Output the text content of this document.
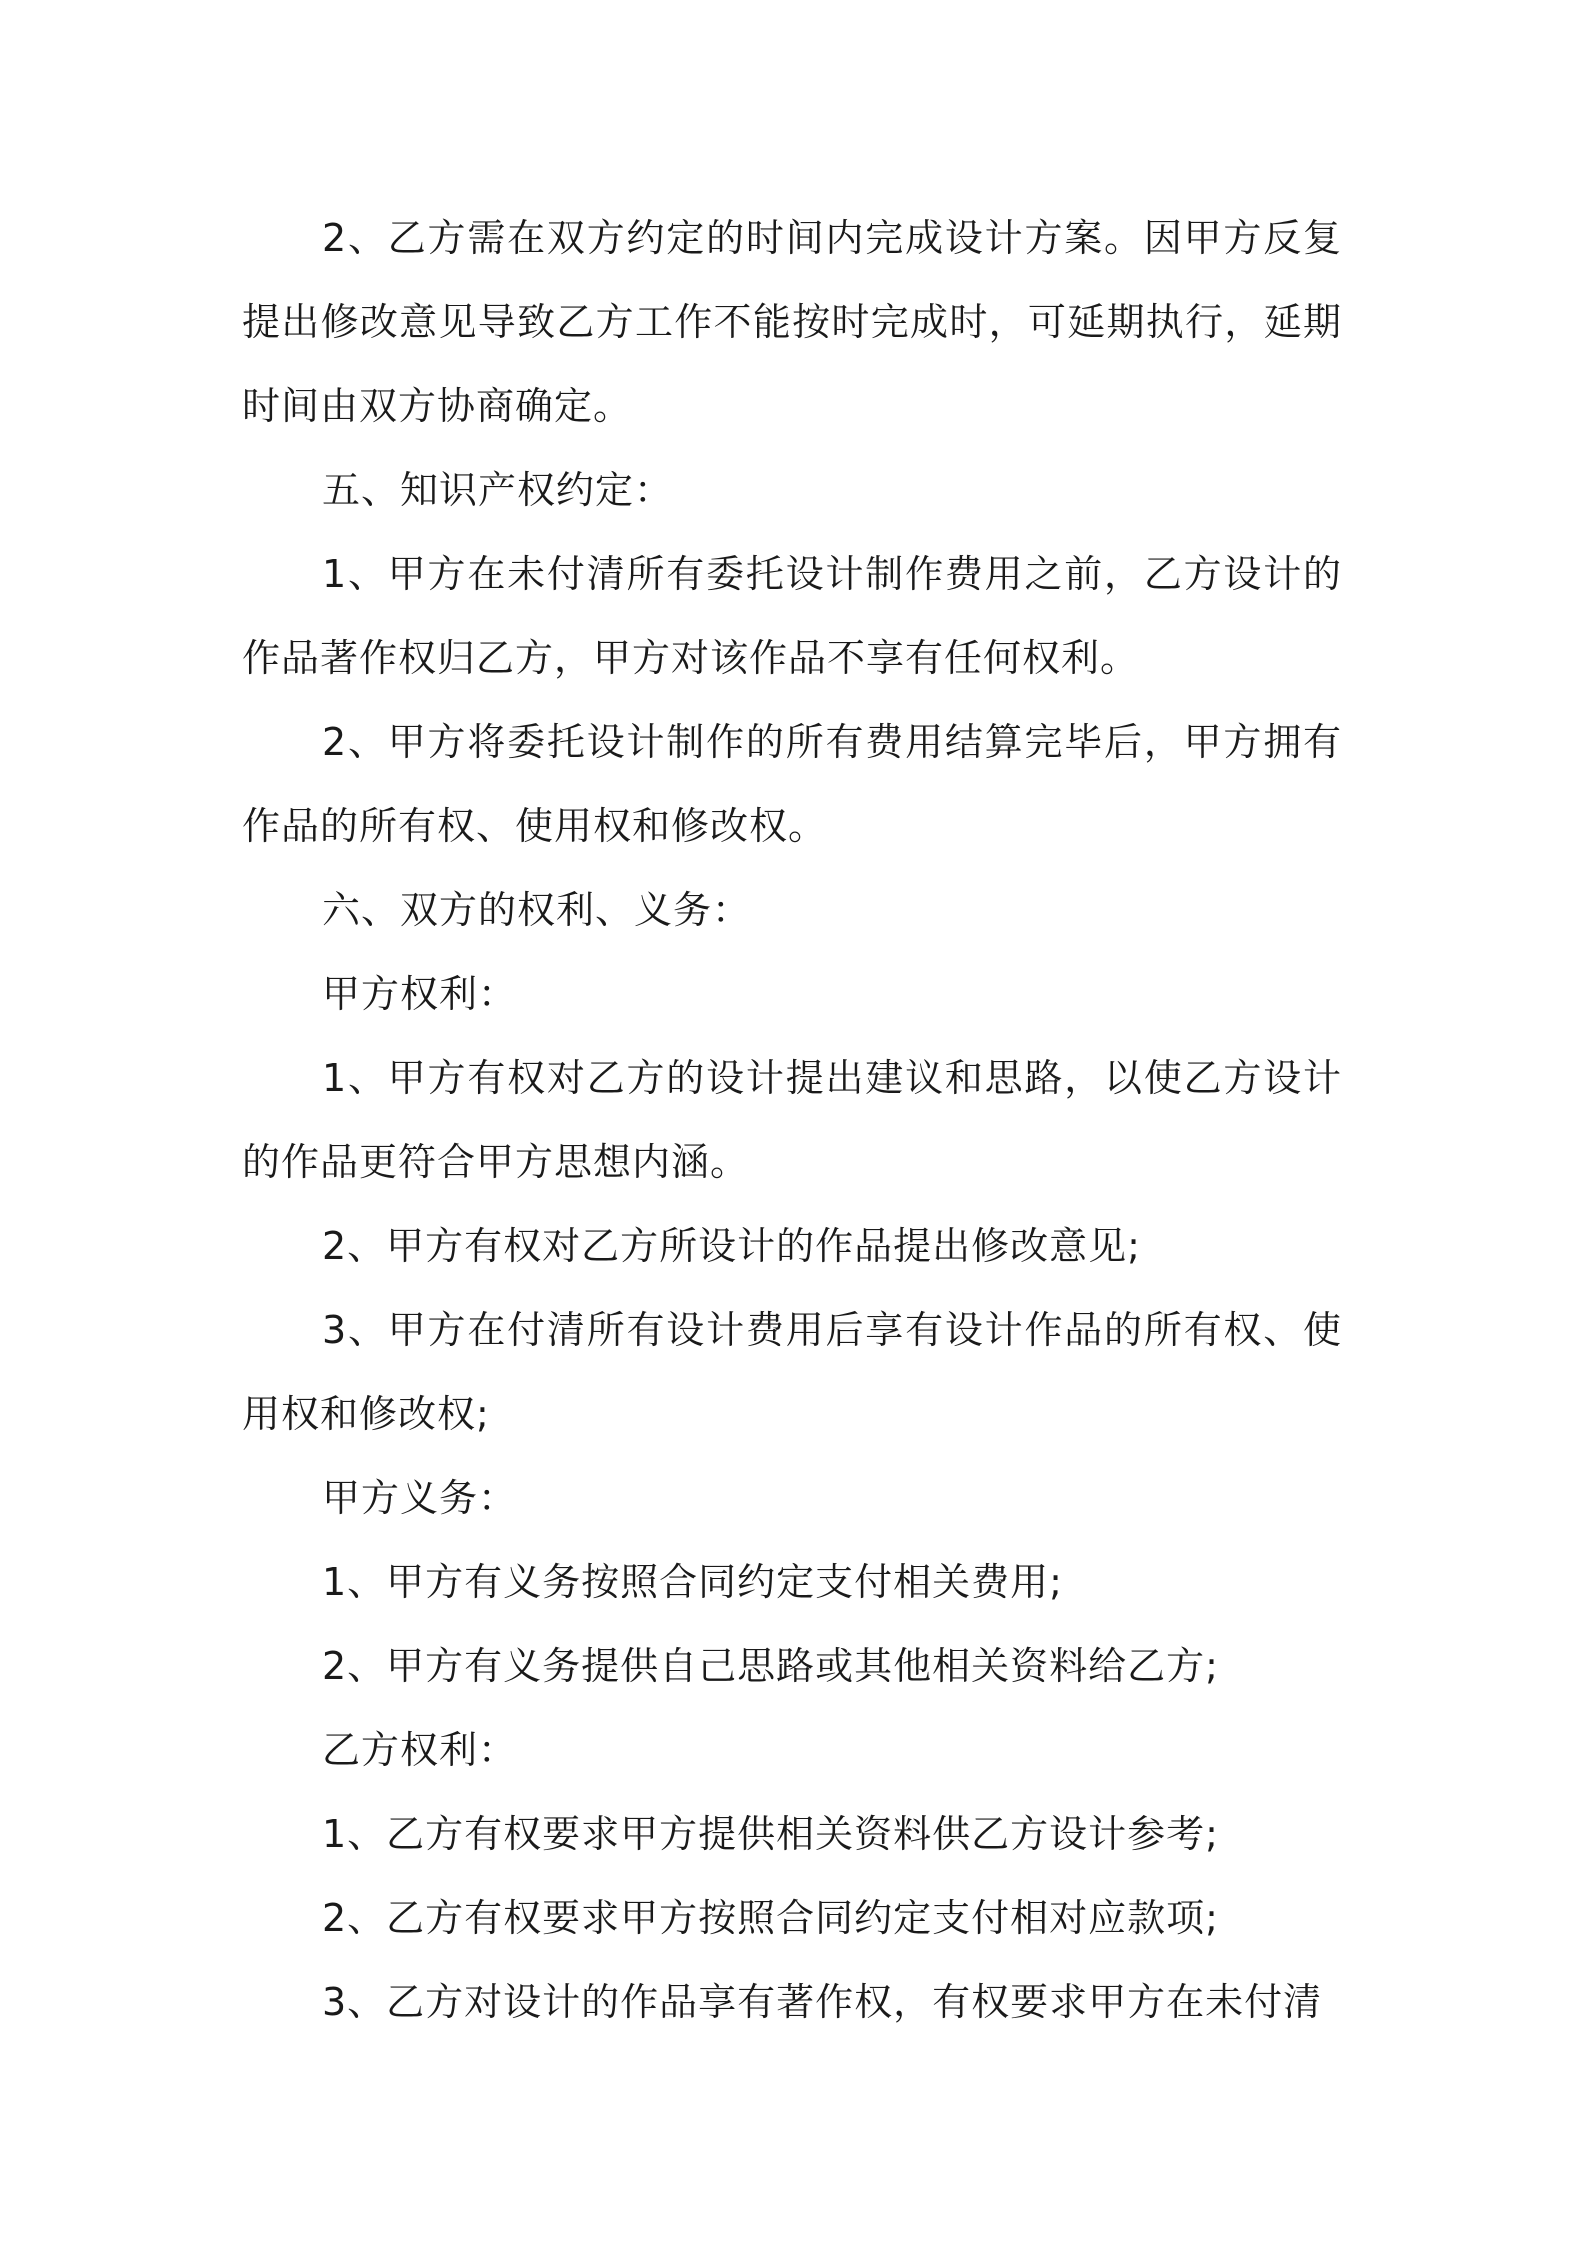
2、乙方需在双方约定的时间内完成设计方案。因甲方反复提出修改意见导致乙方工作不能按时完成时，可延期执行，延期时间由双方协商确定。

五、知识产权约定：

1、甲方在未付清所有委托设计制作费用之前，乙方设计的作品著作权归乙方，甲方对该作品不享有任何权利。

2、甲方将委托设计制作的所有费用结算完毕后，甲方拥有作品的所有权、使用权和修改权。

六、双方的权利、义务：

甲方权利：

1、甲方有权对乙方的设计提出建议和思路，以使乙方设计的作品更符合甲方思想内涵。

2、甲方有权对乙方所设计的作品提出修改意见;

3、甲方在付清所有设计费用后享有设计作品的所有权、使用权和修改权;

甲方义务：

1、甲方有义务按照合同约定支付相关费用;

2、甲方有义务提供自己思路或其他相关资料给乙方;

乙方权利：

1、乙方有权要求甲方提供相关资料供乙方设计参考;

2、乙方有权要求甲方按照合同约定支付相对应款项;

3、乙方对设计的作品享有著作权，有权要求甲方在未付清
